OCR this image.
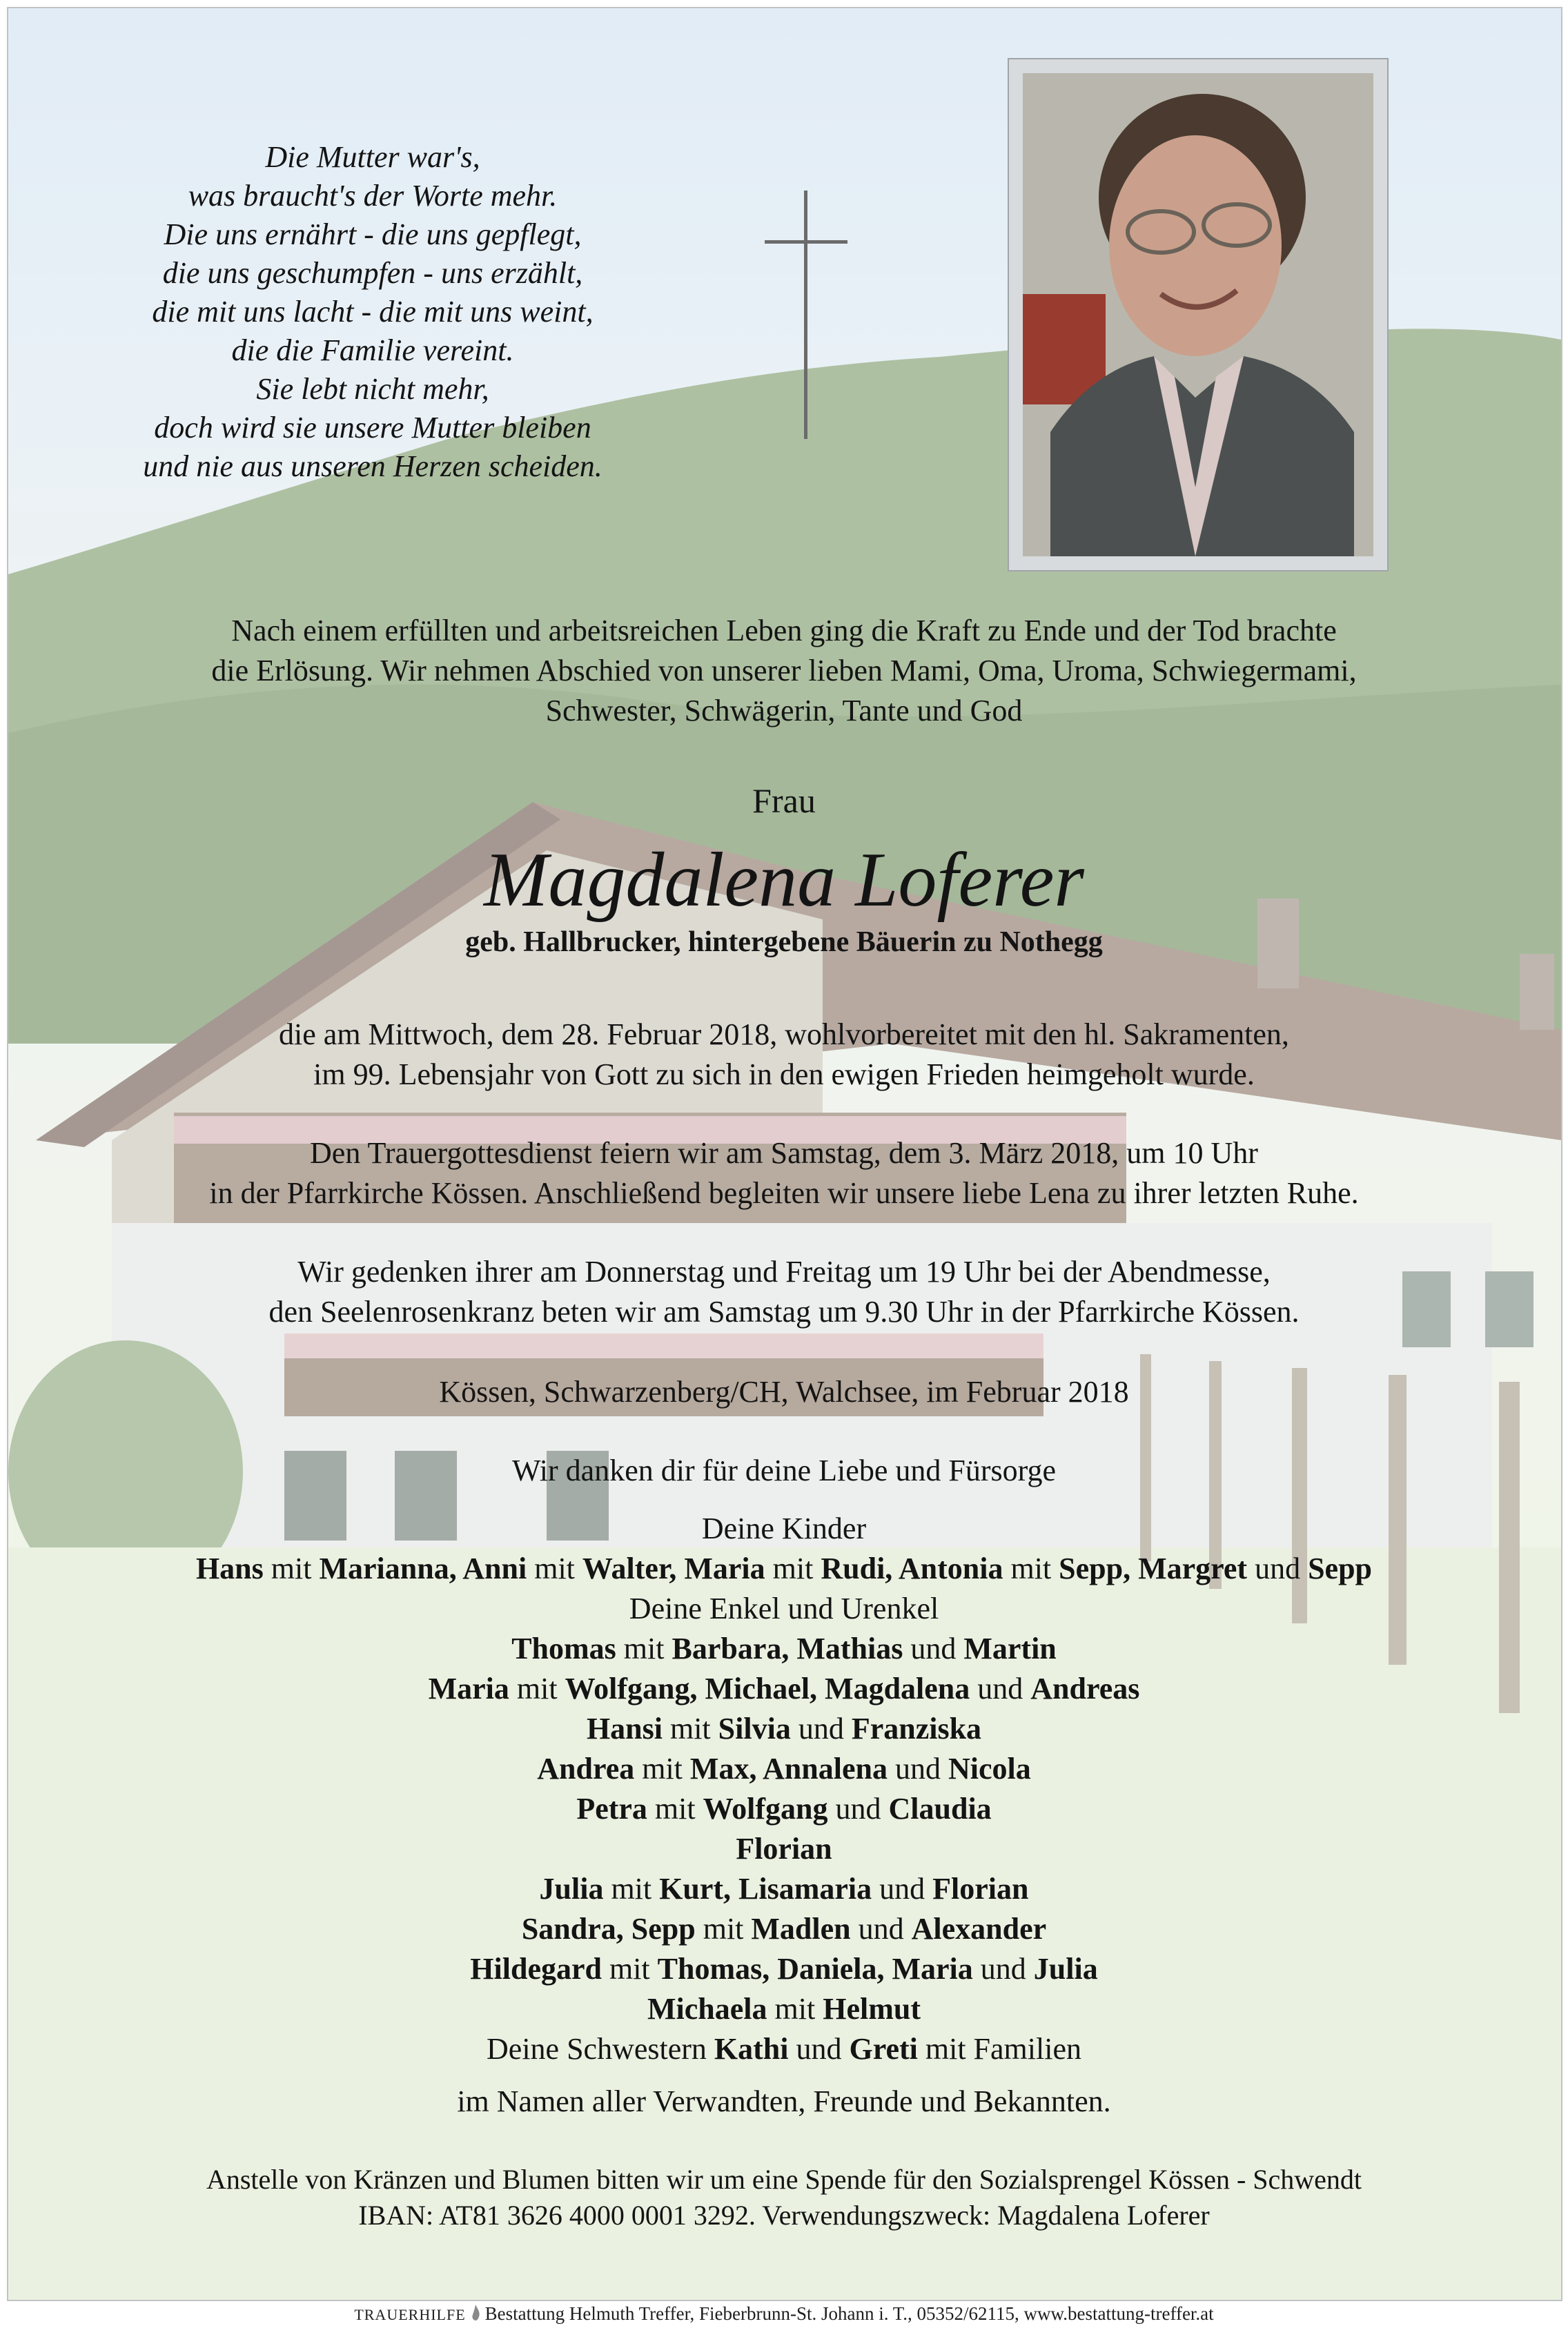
Die Mutter war's,
was braucht's der Worte mehr.
Die uns ernährt - die uns gepflegt,
die uns geschumpfen - uns erzählt,
die mit uns lacht - die mit uns weint,
die die Familie vereint.
Sie lebt nicht mehr,
doch wird sie unsere Mutter bleiben
und nie aus unseren Herzen scheiden.
Nach einem erfüllten und arbeitsreichen Leben ging die Kraft zu Ende und der Tod brachte
die Erlösung. Wir nehmen Abschied von unserer lieben Mami, Oma, Uroma, Schwiegermami,
Schwester, Schwägerin, Tante und God
Frau
Magdalena Loferer
geb. Hallbrucker, hintergebene Bäuerin zu Nothegg
die am Mittwoch, dem 28. Februar 2018, wohlvorbereitet mit den hl. Sakramenten,
im 99. Lebensjahr von Gott zu sich in den ewigen Frieden heimgeholt wurde.
Den Trauergottesdienst feiern wir am Samstag, dem 3. März 2018, um 10 Uhr
in der Pfarrkirche Kössen. Anschließend begleiten wir unsere liebe Lena zu ihrer letzten Ruhe.
Wir gedenken ihrer am Donnerstag und Freitag um 19 Uhr bei der Abendmesse,
den Seelenrosenkranz beten wir am Samstag um 9.30 Uhr in der Pfarrkirche Kössen.
Kössen, Schwarzenberg/CH, Walchsee, im Februar 2018
Wir danken dir für deine Liebe und Fürsorge
Deine Kinder
Hans mit Marianna, Anni mit Walter, Maria mit Rudi, Antonia mit Sepp, Margret und Sepp
Deine Enkel und Urenkel
Thomas mit Barbara, Mathias und Martin
Maria mit Wolfgang, Michael, Magdalena und Andreas
Hansi mit Silvia und Franziska
Andrea mit Max, Annalena und Nicola
Petra mit Wolfgang und Claudia
Florian
Julia mit Kurt, Lisamaria und Florian
Sandra, Sepp mit Madlen und Alexander
Hildegard mit Thomas, Daniela, Maria und Julia
Michaela mit Helmut
Deine Schwestern Kathi und Greti mit Familien
im Namen aller Verwandten, Freunde und Bekannten.
Anstelle von Kränzen und Blumen bitten wir um eine Spende für den Sozialsprengel Kössen - Schwendt
IBAN: AT81 3626 4000 0001 3292. Verwendungszweck: Magdalena Loferer
TRAUERHILFE Bestattung Helmuth Treffer, Fieberbrunn-St. Johann i. T., 05352/62115, www.bestattung-treffer.at
